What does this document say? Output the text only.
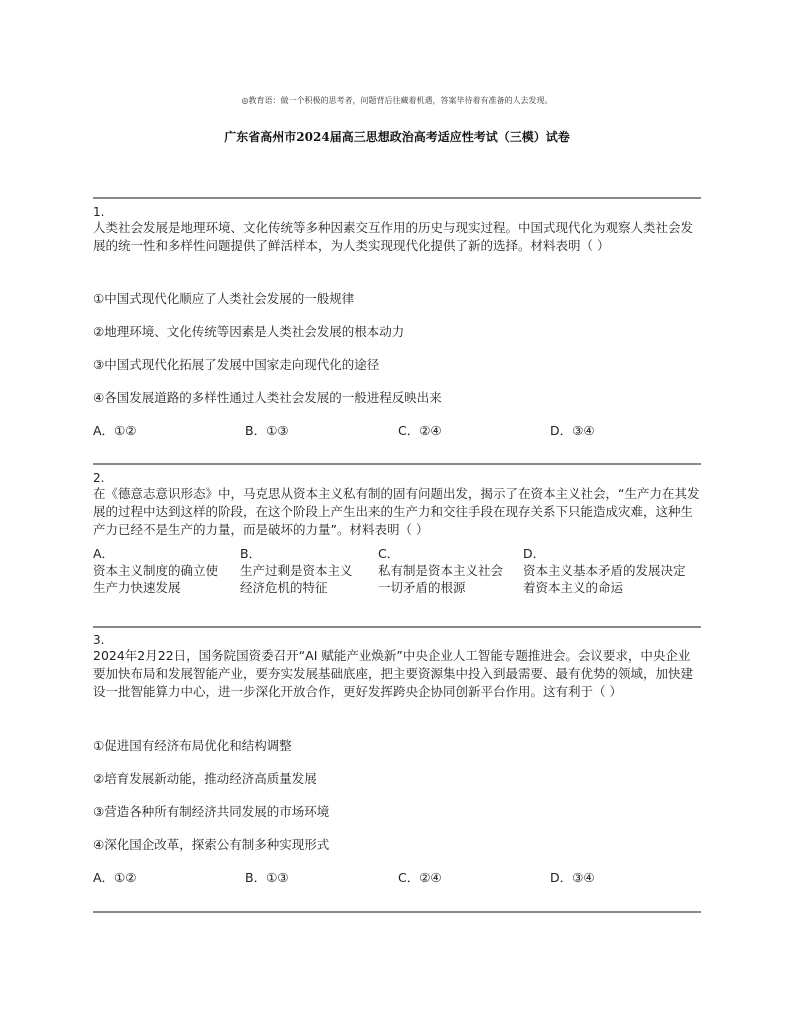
◎教育语：做一个积极的思考者，问题背后往藏着机遇，答案毕待着有准备的人去发现。
广东省高州市2024届高三思想政治高考适应性考试（三模）试卷
1.

人类社会发展是地理环境、文化传统等多种因素交互作用的历史与现实过程。中国式现代化为观察人类社会发展的统一性和多样性问题提供了鲜活样本，为人类实现现代化提供了新的选择。材料表明（ ）

①中国式现代化顺应了人类社会发展的一般规律
②地理环境、文化传统等因素是人类社会发展的根本动力
③中国式现代化拓展了发展中国家走向现代化的途径
④各国发展道路的多样性通过人类社会发展的一般进程反映出来
A．①②	B．①③	C．②④	D．③④
2.

在《德意志意识形态》中，马克思从资本主义私有制的固有问题出发，揭示了在资本主义社会，“生产力在其发展的过程中达到这样的阶段，在这个阶段上产生出来的生产力和交往手段在现存关系下只能造成灾难，这种生产力已经不是生产的力量，而是破坏的力量”。材料表明（ ）

A．
资本主义制度的确立使
生产力快速发展
B．
生产过剩是资本主义
经济危机的特征
C．
私有制是资本主义社会
一切矛盾的根源
D．
资本主义基本矛盾的发展决定
着资本主义的命运
3.

2024年2月22日，国务院国资委召开“AI 赋能产业焕新”中央企业人工智能专题推进会。会议要求，中央企业要加快布局和发展智能产业，要夯实发展基础底座，把主要资源集中投入到最需要、最有优势的领域，加快建设一批智能算力中心，进一步深化开放合作，更好发挥跨央企协同创新平台作用。这有利于（ ）

①促进国有经济布局优化和结构调整
②培育发展新动能，推动经济高质量发展
③营造各种所有制经济共同发展的市场环境
④深化国企改革，探索公有制多种实现形式
A．①②	B．①③	C．②④	D．③④
